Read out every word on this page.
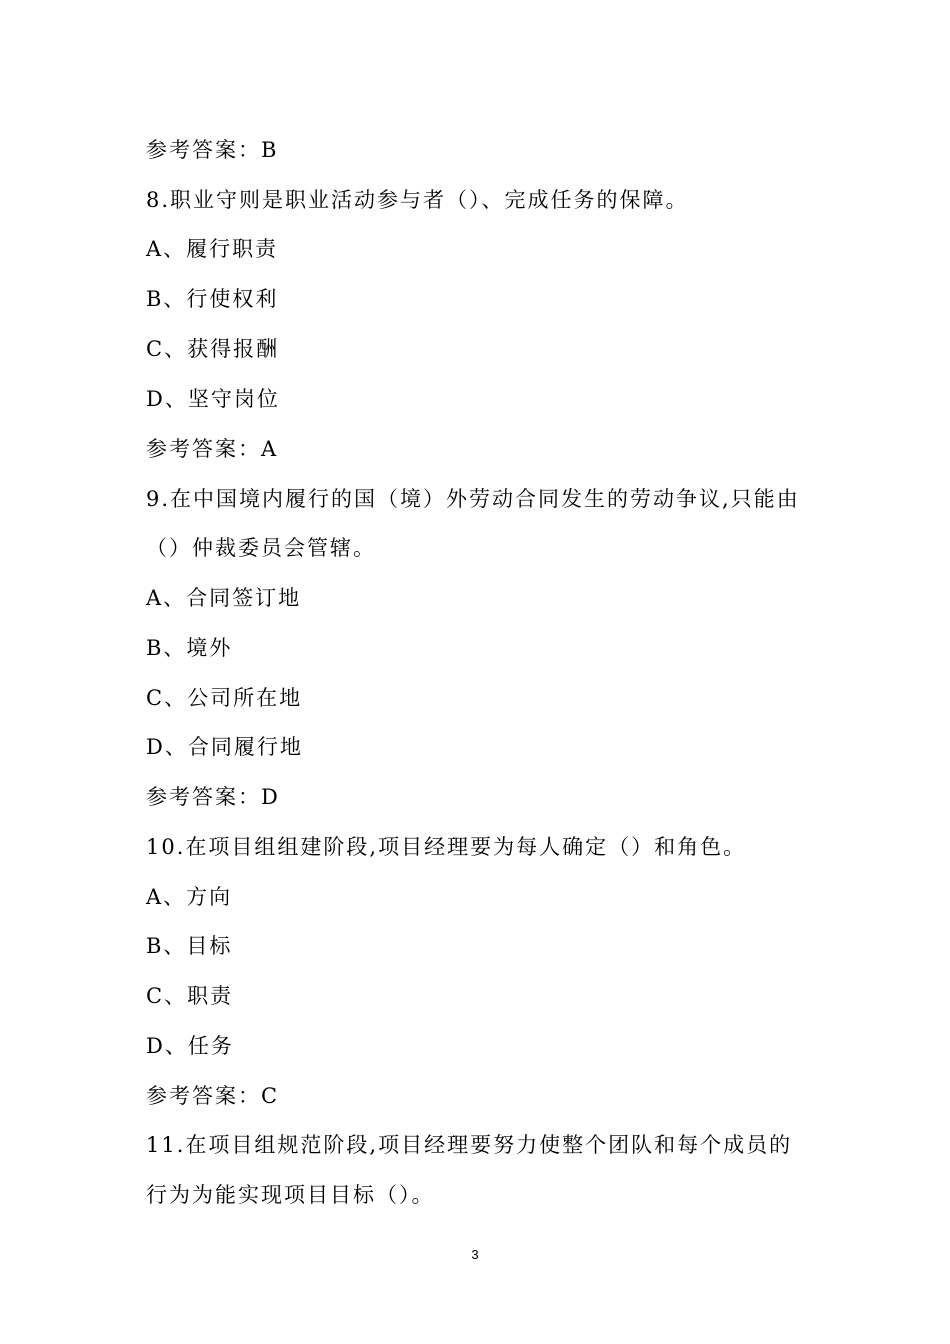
参考答案：B
8.职业守则是职业活动参与者（）、完成任务的保障。
A、履行职责
B、行使权利
C、获得报酬
D、坚守岗位
参考答案：A
9.在中国境内履行的国（境）外劳动合同发生的劳动争议,只能由
（）仲裁委员会管辖。
A、合同签订地
B、境外
C、公司所在地
D、合同履行地
参考答案：D
10.在项目组组建阶段,项目经理要为每人确定（）和角色。
A、方向
B、目标
C、职责
D、任务
参考答案：C
11.在项目组规范阶段,项目经理要努力使整个团队和每个成员的
行为为能实现项目目标（）。
3
